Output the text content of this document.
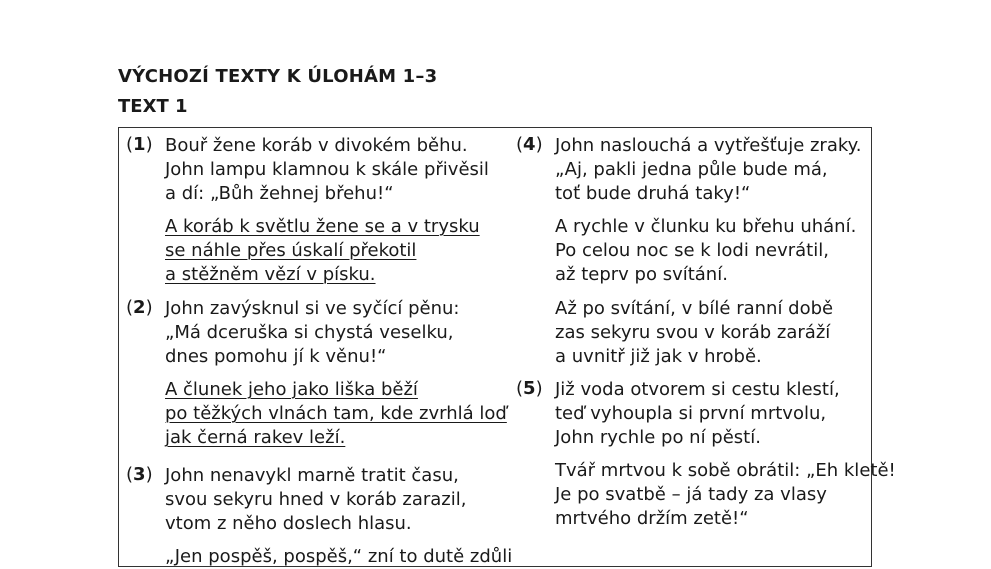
VÝCHOZÍ TEXTY K ÚLOHÁM 1–3
TEXT 1
(1) Bouř žene koráb v divokém běhu.
John lampu klamnou k skále přivěsil
a dí: „Bůh žehnej břehu!“
A koráb k světlu žene se a v trysku
se náhle přes úskalí překotil
a stěžněm vězí v písku.
(2) John zavýsknul si ve syčící pěnu:
„Má dceruška si chystá veselku,
dnes pomohu jí k věnu!“
A člunek jeho jako liška běží
po těžkých vlnách tam, kde zvrhlá loď
jak černá rakev leží.
(3) John nenavykl marně tratit času,
svou sekyru hned v koráb zarazil,
vtom z něho doslech hlasu.
„Jen pospěš, pospěš,“ zní to dutě zdůli
(4) John naslouchá a vytřešťuje zraky.
„Aj, pakli jedna půle bude má,
toť bude druhá taky!“
A rychle v člunku ku břehu uhání.
Po celou noc se k lodi nevrátil,
až teprv po svítání.
Až po svítání, v bílé ranní době
zas sekyru svou v koráb zaráží
a uvnitř již jak v hrobě.
(5) Již voda otvorem si cestu klestí,
teď vyhoupla si první mrtvolu,
John rychle po ní pěstí.
Tvář mrtvou k sobě obrátil: „Eh kletě!
Je po svatbě – já tady za vlasy
mrtvého držím zetě!“
